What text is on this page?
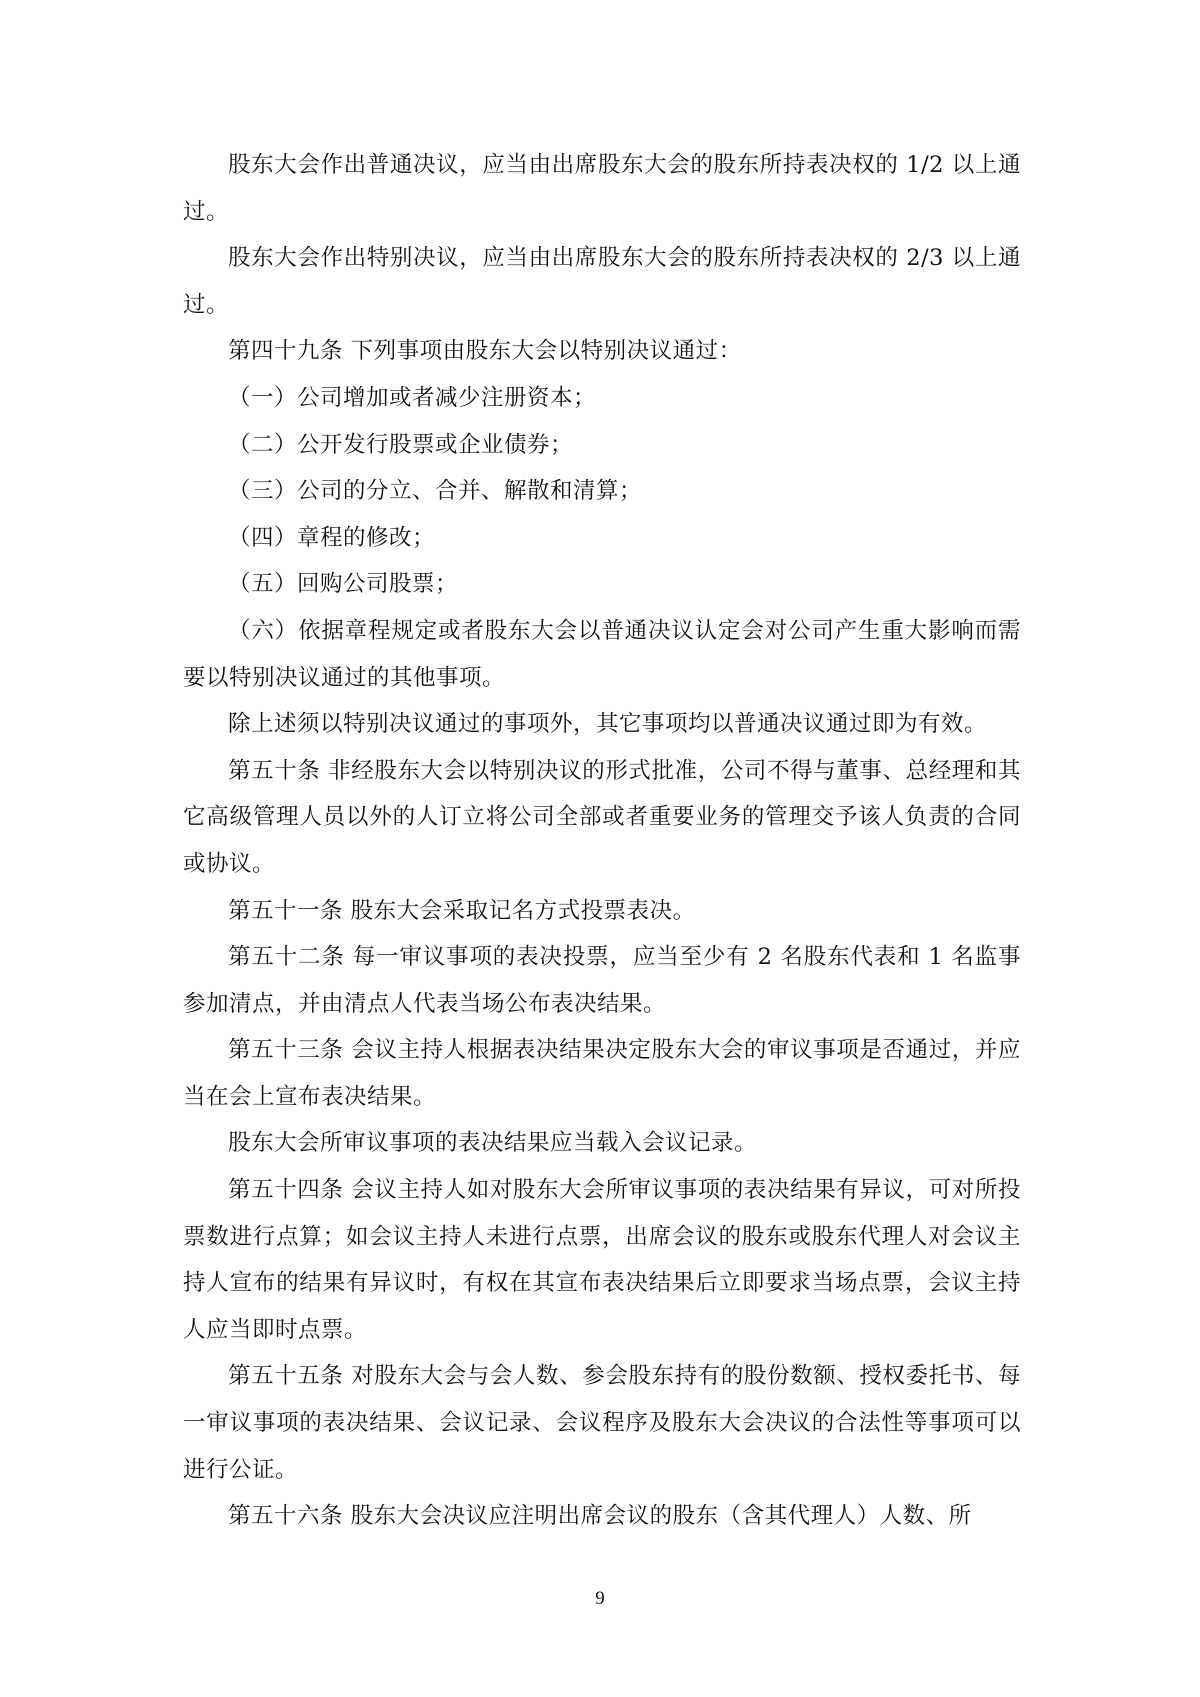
股东大会作出普通决议，应当由出席股东大会的股东所持表决权的 1/2 以上通过。

股东大会作出特别决议，应当由出席股东大会的股东所持表决权的 2/3 以上通过。

第四十九条 下列事项由股东大会以特别决议通过：

（一）公司增加或者减少注册资本；

（二）公开发行股票或企业债券；

（三）公司的分立、合并、解散和清算；

（四）章程的修改；

（五）回购公司股票；

（六）依据章程规定或者股东大会以普通决议认定会对公司产生重大影响而需要以特别决议通过的其他事项。

除上述须以特别决议通过的事项外，其它事项均以普通决议通过即为有效。

第五十条 非经股东大会以特别决议的形式批准，公司不得与董事、总经理和其它高级管理人员以外的人订立将公司全部或者重要业务的管理交予该人负责的合同或协议。

第五十一条 股东大会采取记名方式投票表决。

第五十二条 每一审议事项的表决投票，应当至少有 2 名股东代表和 1 名监事参加清点，并由清点人代表当场公布表决结果。

第五十三条 会议主持人根据表决结果决定股东大会的审议事项是否通过，并应当在会上宣布表决结果。

股东大会所审议事项的表决结果应当载入会议记录。

第五十四条 会议主持人如对股东大会所审议事项的表决结果有异议，可对所投票数进行点算；如会议主持人未进行点票，出席会议的股东或股东代理人对会议主持人宣布的结果有异议时，有权在其宣布表决结果后立即要求当场点票，会议主持人应当即时点票。

第五十五条 对股东大会与会人数、参会股东持有的股份数额、授权委托书、每一审议事项的表决结果、会议记录、会议程序及股东大会决议的合法性等事项可以进行公证。

第五十六条 股东大会决议应注明出席会议的股东（含其代理人）人数、所

9
